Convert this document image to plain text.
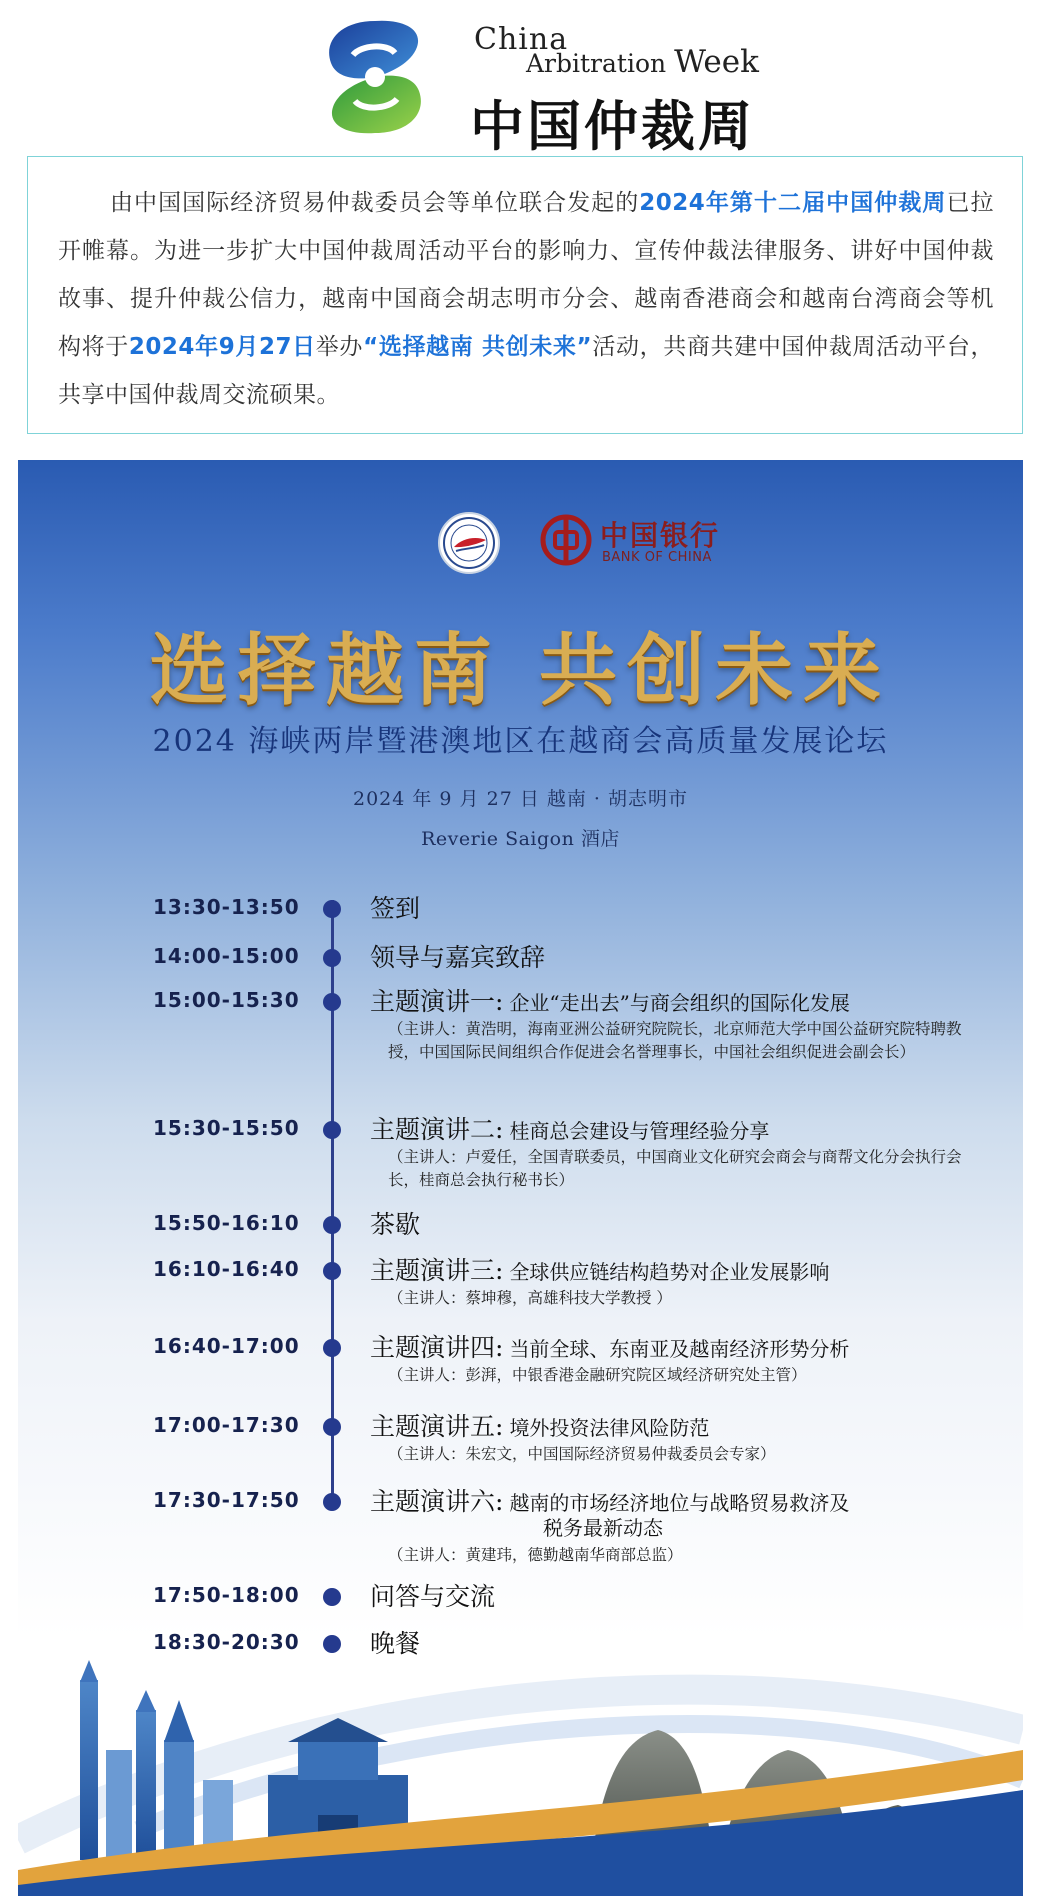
China
Arbitration Week
中国仲裁周

由中国国际经济贸易仲裁委员会等单位联合发起的2024年第十二届中国仲裁周已拉开帷幕。为进一步扩大中国仲裁周活动平台的影响力、宣传仲裁法律服务、讲好中国仲裁故事、提升仲裁公信力，越南中国商会胡志明市分会、越南香港商会和越南台湾商会等机构将于2024年9月27日举办“选择越南 共创未来”活动，共商共建中国仲裁周活动平台，共享中国仲裁周交流硕果。

中国银行
BANK OF CHINA
选择越南 共创未来
2024 海峡两岸暨港澳地区在越商会高质量发展论坛
2024 年 9 月 27 日 越南 · 胡志明市
Reverie Saigon 酒店
13:30-13:50	签到
14:00-15:00	领导与嘉宾致辞
15:00-15:30	主题演讲一: 企业“走出去”与商会组织的国际化发展
（主讲人：黄浩明，海南亚洲公益研究院院长，北京师范大学中国公益研究院特聘教授，中国国际民间组织合作促进会名誉理事长，中国社会组织促进会副会长）
15:30-15:50	主题演讲二: 桂商总会建设与管理经验分享
（主讲人：卢爱任，全国青联委员，中国商业文化研究会商会与商帮文化分会执行会长，桂商总会执行秘书长）
15:50-16:10	茶歇
16:10-16:40	主题演讲三: 全球供应链结构趋势对企业发展影响
（主讲人：蔡坤穆，高雄科技大学教授 ）
16:40-17:00	主题演讲四: 当前全球、东南亚及越南经济形势分析
（主讲人：彭湃，中银香港金融研究院区域经济研究处主管）
17:00-17:30	主题演讲五: 境外投资法律风险防范
（主讲人：朱宏文，中国国际经济贸易仲裁委员会专家）
17:30-17:50	主题演讲六: 越南的市场经济地位与战略贸易救济及
税务最新动态
（主讲人：黄建玮，德勤越南华商部总监）
17:50-18:00	问答与交流
18:30-20:30	晚餐
